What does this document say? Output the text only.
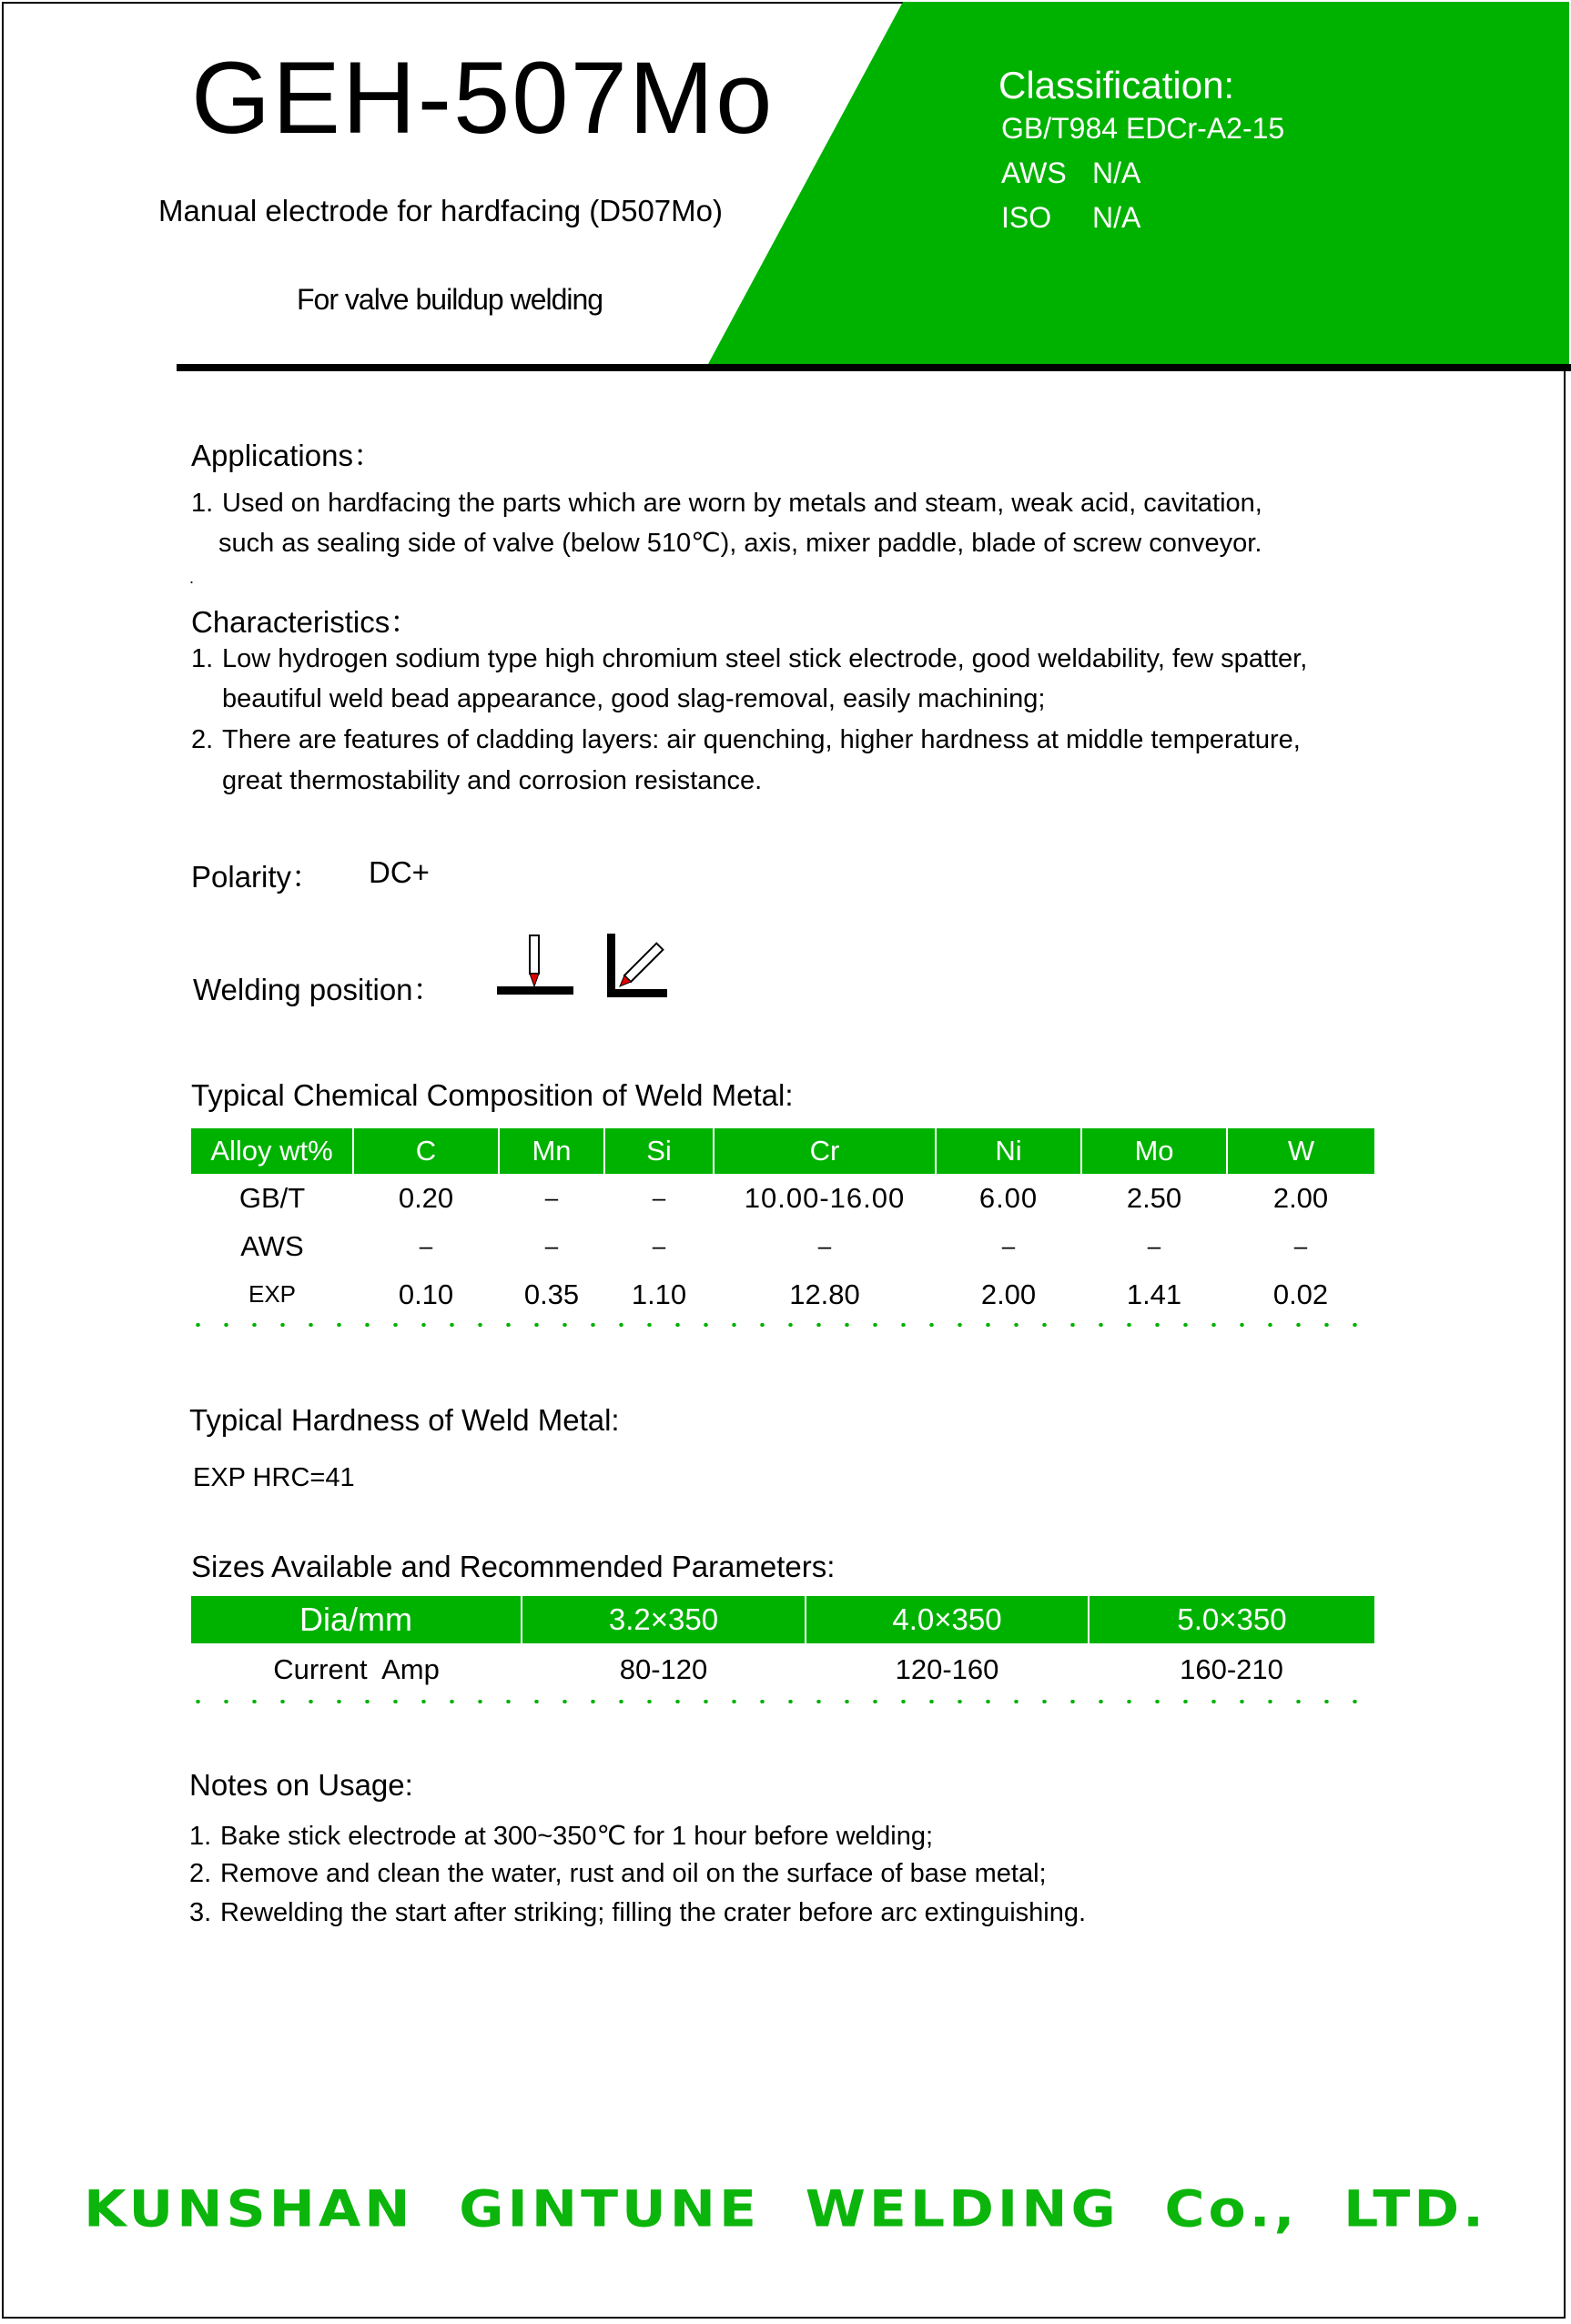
GEH-507Mo
Manual electrode for hardfacing (D507Mo)
For valve buildup welding
Classification:
GB/T984 EDCr-A2-15
AWS N/A
ISO N/A
Applications：
1. Used on hardfacing the parts which are worn by metals and steam, weak acid, cavitation,
such as sealing side of valve (below 510℃), axis, mixer paddle, blade of screw conveyor.
.
Characteristics：
1. Low hydrogen sodium type high chromium steel stick electrode, good weldability, few spatter,
beautiful weld bead appearance, good slag-removal, easily machining;
2. There are features of cladding layers: air quenching, higher hardness at middle temperature,
great thermostability and corrosion resistance.
Polarity： DC+
Welding position：
Typical Chemical Composition of Weld Metal:
Alloy wt%	C	Mn	Si	Cr	Ni	Mo	W
GB/T	0.20	–	–	10.00-16.00	6.00	2.50	2.00
AWS	–	–	–	–	–	–	–
EXP	0.10	0.35	1.10	12.80	2.00	1.41	0.02
Typical Hardness of Weld Metal:
EXP HRC=41
Sizes Available and Recommended Parameters:
Dia/mm	3.2×350	4.0×350	5.0×350
Current  Amp	80-120	120-160	160-210
Notes on Usage:
1. Bake stick electrode at 300~350℃ for 1 hour before welding;
2. Remove and clean the water, rust and oil on the surface of base metal;
3. Rewelding the start after striking; filling the crater before arc extinguishing.
KUNSHAN  GINTUNE  WELDING  Co.,  LTD.
